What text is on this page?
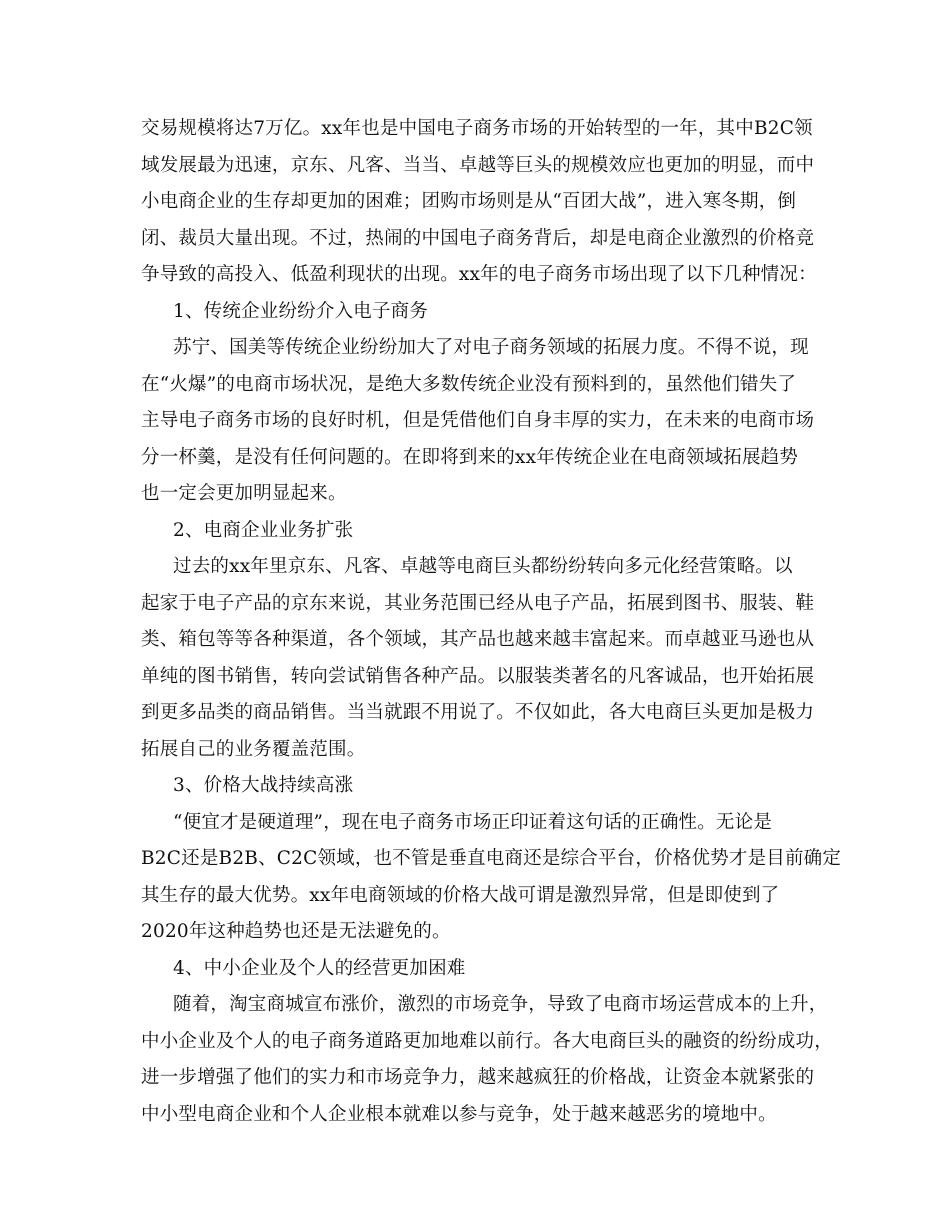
交易规模将达7万亿。xx年也是中国电子商务市场的开始转型的一年，其中B2C领
域发展最为迅速，京东、凡客、当当、卓越等巨头的规模效应也更加的明显，而中
小电商企业的生存却更加的困难；团购市场则是从“百团大战”，进入寒冬期，倒
闭、裁员大量出现。不过，热闹的中国电子商务背后，却是电商企业激烈的价格竞
争导致的高投入、低盈利现状的出现。xx年的电子商务市场出现了以下几种情况：
1、传统企业纷纷介入电子商务
苏宁、国美等传统企业纷纷加大了对电子商务领域的拓展力度。不得不说，现
在“火爆”的电商市场状况，是绝大多数传统企业没有预料到的，虽然他们错失了
主导电子商务市场的良好时机，但是凭借他们自身丰厚的实力，在未来的电商市场
分一杯羹，是没有任何问题的。在即将到来的xx年传统企业在电商领域拓展趋势
也一定会更加明显起来。
2、电商企业业务扩张
过去的xx年里京东、凡客、卓越等电商巨头都纷纷转向多元化经营策略。以
起家于电子产品的京东来说，其业务范围已经从电子产品，拓展到图书、服装、鞋
类、箱包等等各种渠道，各个领域，其产品也越来越丰富起来。而卓越亚马逊也从
单纯的图书销售，转向尝试销售各种产品。以服装类著名的凡客诚品，也开始拓展
到更多品类的商品销售。当当就跟不用说了。不仅如此，各大电商巨头更加是极力
拓展自己的业务覆盖范围。
3、价格大战持续高涨
“便宜才是硬道理”，现在电子商务市场正印证着这句话的正确性。无论是
B2C还是B2B、C2C领域，也不管是垂直电商还是综合平台，价格优势才是目前确定
其生存的最大优势。xx年电商领域的价格大战可谓是激烈异常，但是即使到了
2020年这种趋势也还是无法避免的。
4、中小企业及个人的经营更加困难
随着，淘宝商城宣布涨价，激烈的市场竞争，导致了电商市场运营成本的上升，
中小企业及个人的电子商务道路更加地难以前行。各大电商巨头的融资的纷纷成功，
进一步增强了他们的实力和市场竞争力，越来越疯狂的价格战，让资金本就紧张的
中小型电商企业和个人企业根本就难以参与竞争，处于越来越恶劣的境地中。
